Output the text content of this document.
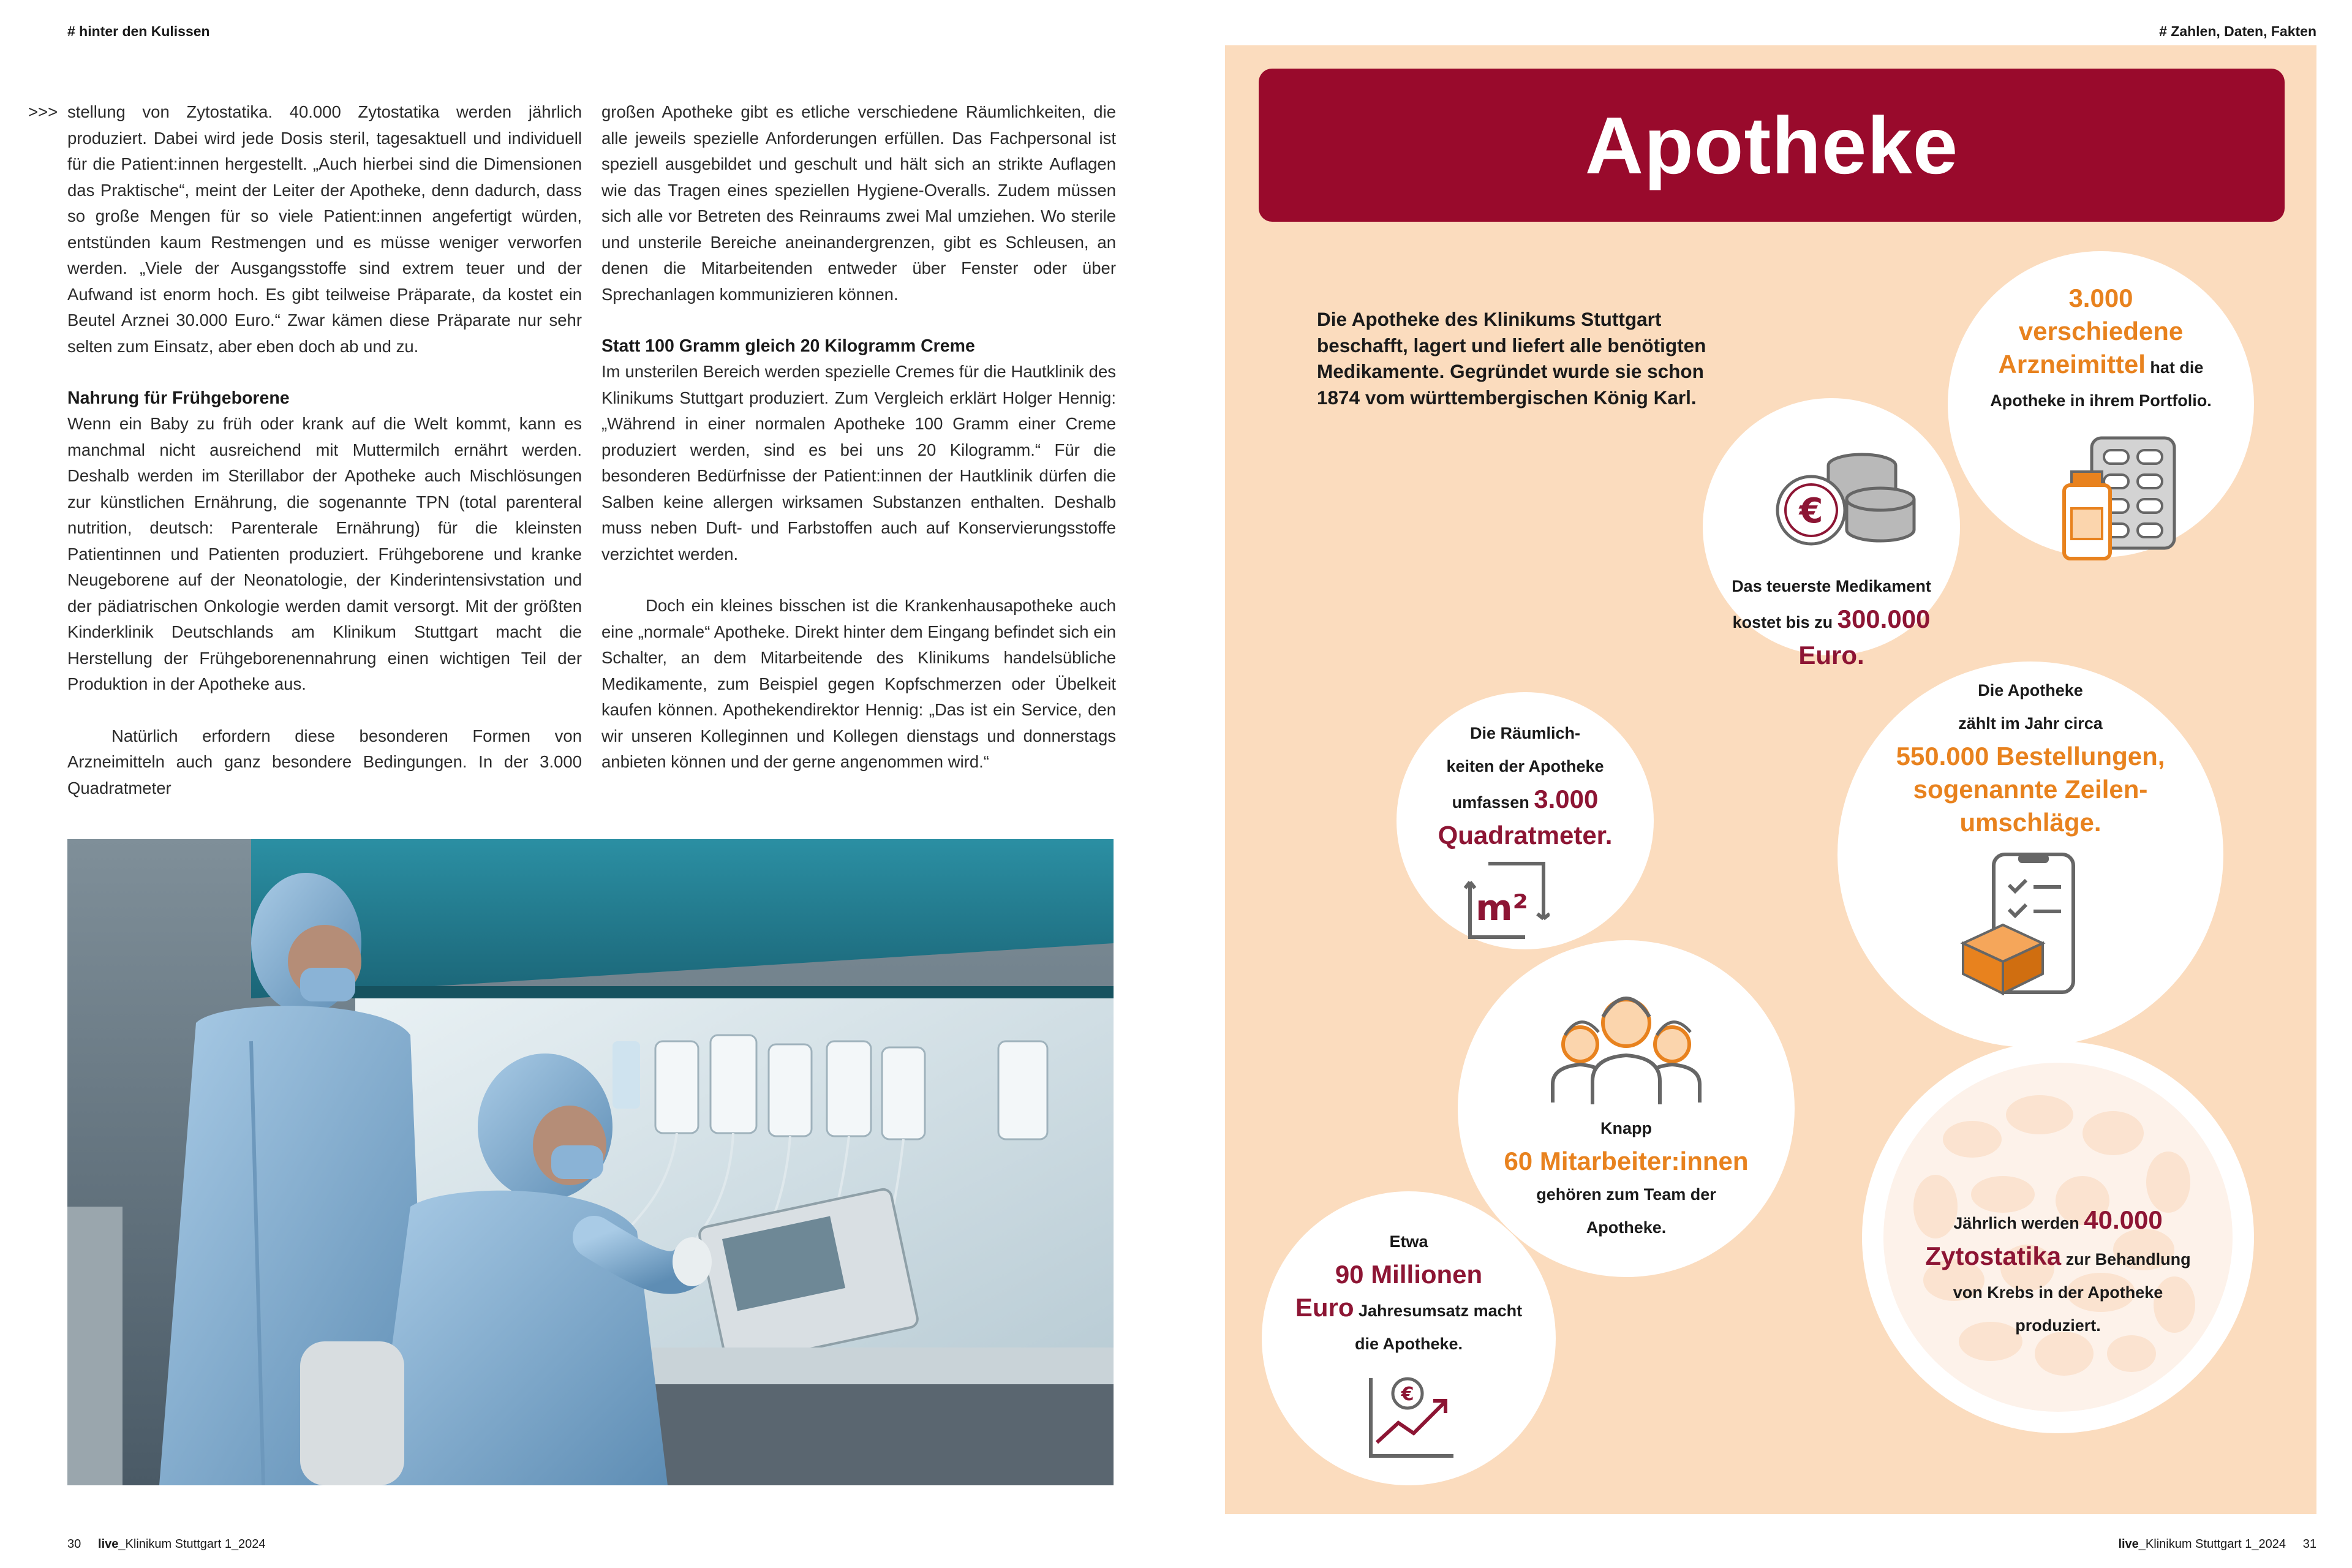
# hinter den Kulissen	# Zahlen, Daten, Fakten
>>> stellung von Zytostatika. 40.000 Zytostatika werden jährlich produziert. Dabei wird jede Dosis steril, tagesaktuell und individuell für die Patient:innen hergestellt. „Auch hierbei sind die Dimensionen das Praktische“, meint der Leiter der Apotheke, denn dadurch, dass so große Mengen für so viele Patient:innen angefertigt würden, entstünden kaum Restmengen und es müsse weniger verworfen werden. „Viele der Ausgangsstoffe sind extrem teuer und der Aufwand ist enorm hoch. Es gibt teilweise Präparate, da kostet ein Beutel Arznei 30.000 Euro.“ Zwar kämen diese Präparate nur sehr selten zum Einsatz, aber eben doch ab und zu.

Nahrung für Frühgeborene

Wenn ein Baby zu früh oder krank auf die Welt kommt, kann es manchmal nicht ausreichend mit Muttermilch ernährt werden. Deshalb werden im Sterillabor der Apotheke auch Mischlösungen zur künstlichen Ernährung, die sogenannte TPN (total parenteral nutrition, deutsch: Parenterale Ernährung) für die kleinsten Patientinnen und Patienten produziert. Frühgeborene und kranke Neugeborene auf der Neonatologie, der Kinderintensivstation und der pädiatrischen Onkologie werden damit versorgt. Mit der größten Kinderklinik Deutschlands am Klinikum Stuttgart macht die Herstellung der Frühgeborenennahrung einen wichtigen Teil der Produktion in der Apotheke aus.

Natürlich erfordern diese besonderen Formen von Arzneimitteln auch ganz besondere Bedingungen. In der 3.000 Quadratmeter

großen Apotheke gibt es etliche verschiedene Räumlichkeiten, die alle jeweils spezielle Anforderungen erfüllen. Das Fachpersonal ist speziell ausgebildet und geschult und hält sich an strikte Auflagen wie das Tragen eines speziellen Hygiene-Overalls. Zudem müssen sich alle vor Betreten des Reinraums zwei Mal umziehen. Wo sterile und unsterile Bereiche aneinandergrenzen, gibt es Schleusen, an denen die Mitarbeitenden entweder über Fenster oder über Sprechanlagen kommunizieren können.

Statt 100 Gramm gleich 20 Kilogramm Creme

Im unsterilen Bereich werden spezielle Cremes für die Hautklinik des Klinikums Stuttgart produziert. Zum Vergleich erklärt Holger Hennig: „Während in einer normalen Apotheke 100 Gramm einer Creme produziert werden, sind es bei uns 20 Kilogramm.“ Für die besonderen Bedürfnisse der Patient:innen der Hautklinik dürfen die Salben keine allergen wirksamen Substanzen enthalten. Deshalb muss neben Duft- und Farbstoffen auch auf Konservierungsstoffe verzichtet werden.

Doch ein kleines bisschen ist die Krankenhausapotheke auch eine „normale“ Apotheke. Direkt hinter dem Eingang befindet sich ein Schalter, an dem Mitarbeitende des Klinikums handelsübliche Medikamente, zum Beispiel gegen Kopfschmerzen oder Übelkeit kaufen können. Apothekendirektor Hennig: „Das ist ein Service, den wir unseren Kolleginnen und Kollegen dienstags und donnerstags anbieten können und der gerne angenommen wird.“

30 live_Klinikum Stuttgart 1_2024	live_Klinikum Stuttgart 1_2024 31
Apotheke
Die Apotheke des Klinikums Stuttgart beschafft, lagert und liefert alle benötigten Medikamente. Gegründet wurde sie schon 1874 vom württembergischen König Karl.
3.000
verschiedene
Arzneimittel hat die
Apotheke in ihrem Portfolio.
Das teuerste Medikament
kostet bis zu 300.000
Euro.
Die Apotheke
zählt im Jahr circa
550.000 Bestellungen,
sogenannte Zeilen-
umschläge.
Die Räumlich-
keiten der Apotheke
umfassen 3.000
Quadratmeter.
Knapp
60 Mitarbeiter:innen
gehören zum Team der
Apotheke.
Etwa
90 Millionen
Euro Jahresumsatz macht
die Apotheke.
Jährlich werden 40.000
Zytostatika zur Behandlung
von Krebs in der Apotheke
produziert.
€
m²
€
